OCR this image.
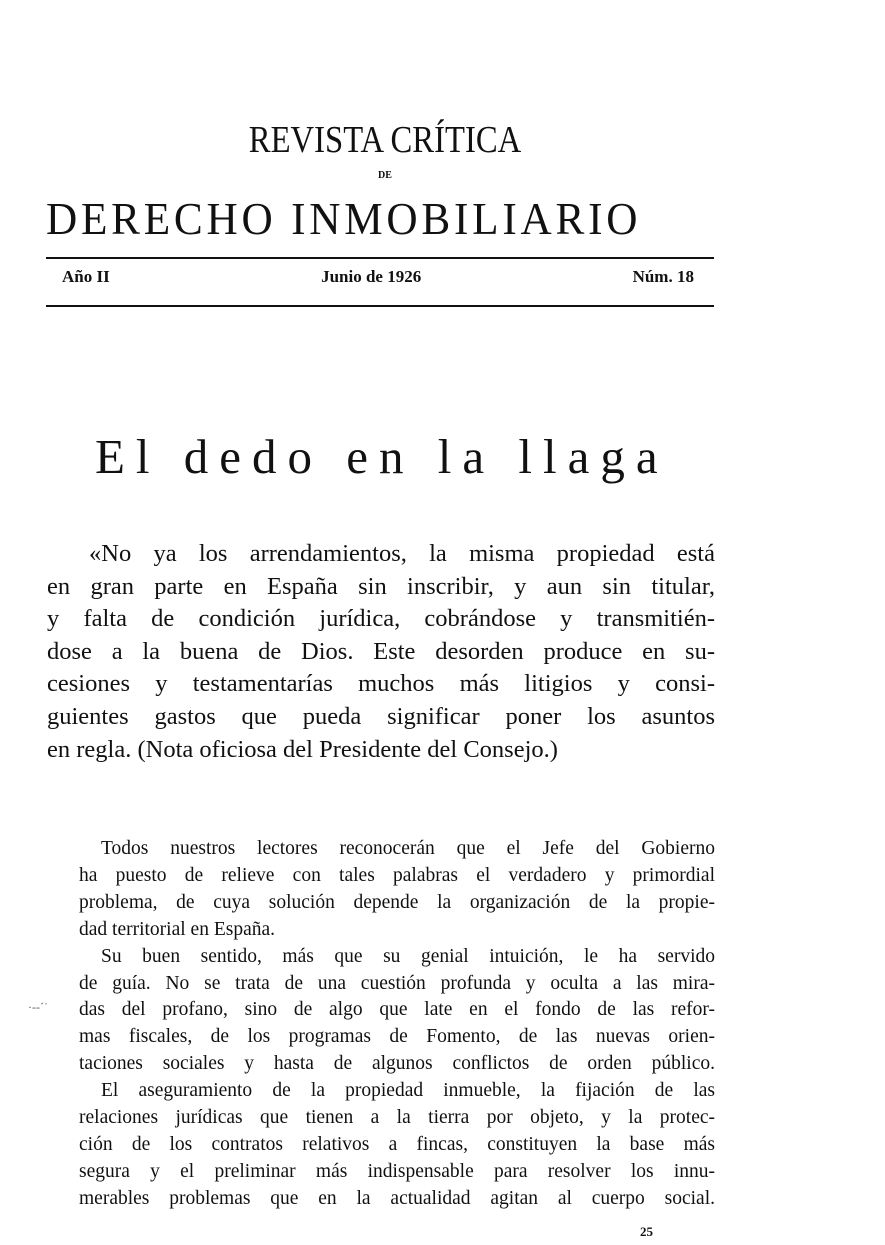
REVISTA CRÍTICA
DE
DERECHO INMOBILIARIO
Año II	Junio de 1926	Núm. 18
El dedo en la llaga
«No ya los arrendamientos, la misma propiedad está
en gran parte en España sin inscribir, y aun sin titular,
y falta de condición jurídica, cobrándose y transmitién-
dose a la buena de Dios. Este desorden produce en su-
cesiones y testamentarías muchos más litigios y consi-
guientes gastos que pueda significar poner los asuntos
en regla. (Nota oficiosa del Presidente del Consejo.)
Todos nuestros lectores reconocerán que el Jefe del Gobierno
ha puesto de relieve con tales palabras el verdadero y primordial
problema, de cuya solución depende la organización de la propie-
dad territorial en España.
Su buen sentido, más que su genial intuición, le ha servido
de guía. No se trata de una cuestión profunda y oculta a las mira-
das del profano, sino de algo que late en el fondo de las refor-
mas fiscales, de los programas de Fomento, de las nuevas orien-
taciones sociales y hasta de algunos conflictos de orden público.
El aseguramiento de la propiedad inmueble, la fijación de las
relaciones jurídicas que tienen a la tierra por objeto, y la protec-
ción de los contratos relativos a fincas, constituyen la base más
segura y el preliminar más indispensable para resolver los innu-
merables problemas que en la actualidad agitan al cuerpo social.
·-‐´˙
25
